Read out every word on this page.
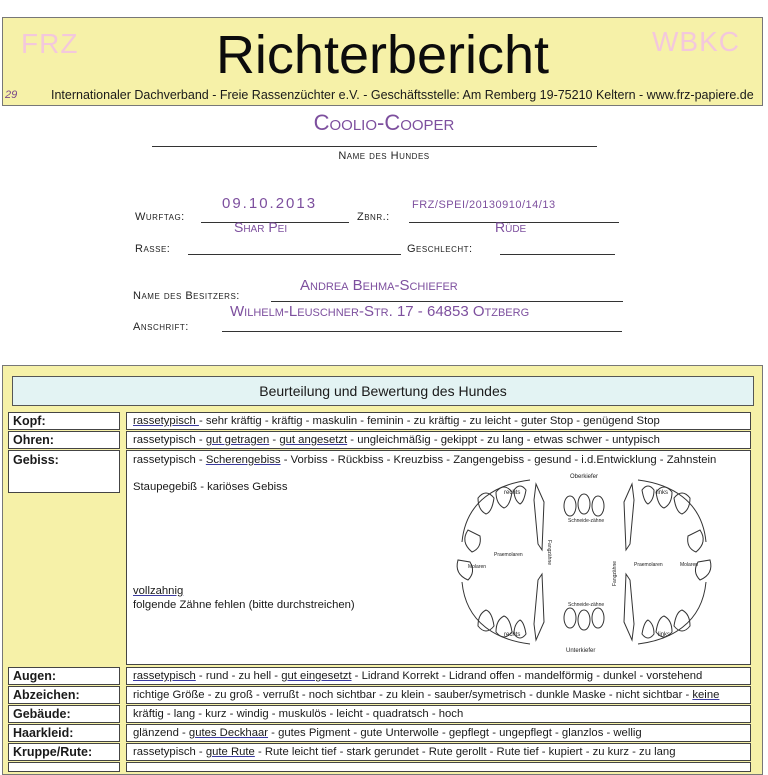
FRZ	Richterbericht	WBKC
29	Internationaler Dachverband - Freie Rassenzüchter e.V. - Geschäftsstelle: Am Remberg 19-75210 Keltern - www.frz-papiere.de
Coolio-Cooper
Name des Hundes
09.10.2013
Wurftag:
FRZ/SPEI/20130910/14/13
Zbnr.:
Shar Pei
Rasse:
Rüde
Geschlecht:
Andrea Behma-Schiefer
Name des Besitzers:
Wilhelm-Leuschner-Str. 17 - 64853 Otzberg
Anschrift:
Beurteilung und Bewertung des Hundes
Kopf:	rassetypisch - sehr kräftig - kräftig - maskulin - feminin - zu kräftig - zu leicht - guter Stop - genügend Stop
Ohren:	rassetypisch - gut getragen - gut angesetzt - ungleichmäßig - gekippt - zu lang - etwas schwer - untypisch
Gebiss:	rassetypisch - Scherengebiss - Vorbiss - Rückbiss - Kreuzbiss - Zangengebiss - gesund - i.d.Entwicklung - Zahnstein
Staupegebiß - kariöses Gebiss
vollzahnig
folgende Zähne fehlen (bitte durchstreichen)
Oberkiefer
Unterkiefer
rechts	links
rechts	links
Schneide-zähne
Schneide-zähne
Molaren	Molaren
Praemolaren
Praemolaren
Fangzähne
Fangzähne
Augen:	rassetypisch - rund - zu hell - gut eingesetzt - Lidrand Korrekt - Lidrand offen - mandelförmig - dunkel - vorstehend
Abzeichen:	richtige Größe - zu groß - verrußt - noch sichtbar - zu klein - sauber/symetrisch - dunkle Maske - nicht sichtbar - keine
Gebäude:	kräftig - lang - kurz - windig - muskulös - leicht - quadratsch - hoch
Haarkleid:	glänzend - gutes Deckhaar - gutes Pigment - gute Unterwolle - gepflegt - ungepflegt - glanzlos - wellig
Kruppe/Rute:	rassetypisch - gute Rute - Rute leicht tief - stark gerundet - Rute gerollt - Rute tief - kupiert - zu kurz - zu lang
